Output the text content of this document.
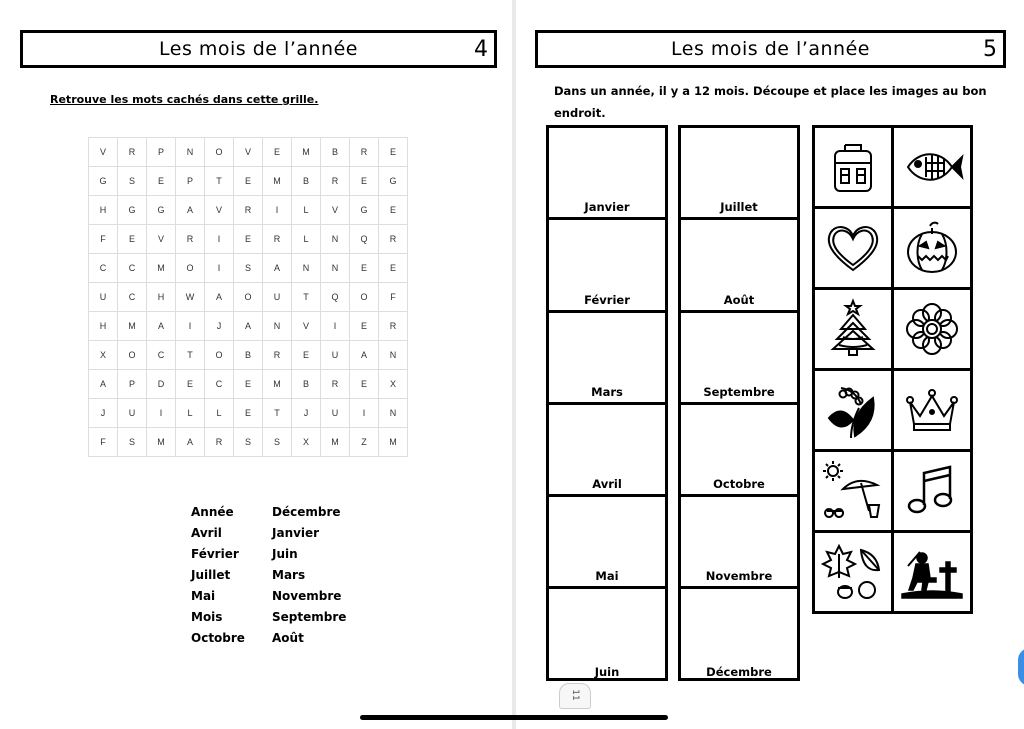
Les mois de l’année	4
Retrouve les mots cachés dans cette grille.
V	R	P	N	O	V	E	M	B	R	E
G	S	E	P	T	E	M	B	R	E	G
H	G	G	A	V	R	I	L	V	G	E
F	E	V	R	I	E	R	L	N	Q	R
C	C	M	O	I	S	A	N	N	E	E
U	C	H	W	A	O	U	T	Q	O	F
H	M	A	I	J	A	N	V	I	E	R
X	O	C	T	O	B	R	E	U	A	N
A	P	D	E	C	E	M	B	R	E	X
J	U	I	L	L	E	T	J	U	I	N
F	S	M	A	R	S	S	X	M	Z	M
Année
Avril
Février
Juillet
Mai
Mois
Octobre
Décembre
Janvier
Juin
Mars
Novembre
Septembre
Août
Les mois de l’année	5
Dans un année, il y a 12 mois. Découpe et place les images au bon endroit.
Janvier
Février
Mars
Avril
Mai
Juin
Juillet
Août
Septembre
Octobre
Novembre
Décembre
11
